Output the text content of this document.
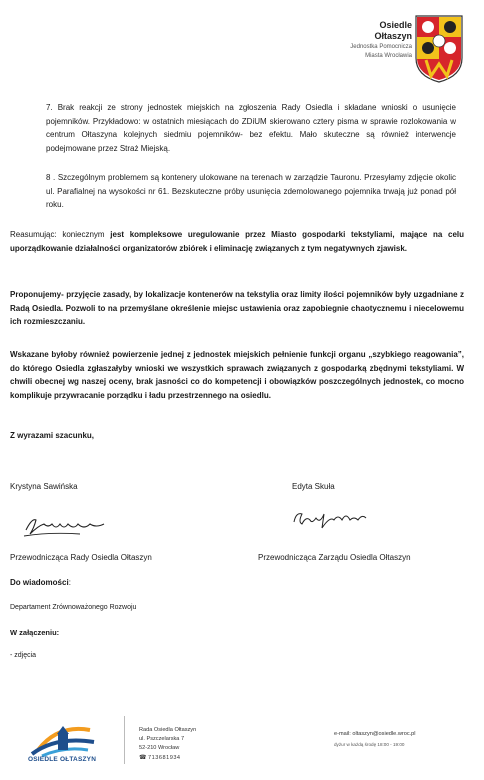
Osiedle
Ołtaszyn
Jednostka Pomocnicza
Miasta Wrocławia

7. Brak reakcji ze strony jednostek miejskich na zgłoszenia Rady Osiedla i składane wnioski o usunięcie pojemników. Przykładowo: w ostatnich miesiącach do ZDiUM skierowano cztery pisma w sprawie rozlokowania w centrum Ołtaszyna kolejnych siedmiu pojemników- bez efektu. Mało skuteczne są również interwencje podejmowane przez Straż Miejską.

8 . Szczególnym problemem są kontenery ulokowane na terenach w zarządzie Tauronu. Przesyłamy zdjęcie okolic ul. Parafialnej na wysokości nr 61. Bezskuteczne próby usunięcia zdemolowanego pojemnika trwają już ponad pół roku.

Reasumując: koniecznym jest kompleksowe uregulowanie przez Miasto gospodarki tekstyliami, mające na celu uporządkowanie działalności organizatorów zbiórek i eliminację związanych z tym negatywnych zjawisk.

Proponujemy- przyjęcie zasady, by lokalizacje kontenerów na tekstylia oraz limity ilości pojemników były uzgadniane z Radą Osiedla. Pozwoli to na przemyślane określenie miejsc ustawienia oraz zapobiegnie chaotycznemu i niecelowemu ich rozmieszczaniu.

Wskazane byłoby również powierzenie jednej z jednostek miejskich pełnienie funkcji organu „szybkiego reagowania”, do którego Osiedla zgłaszałyby wnioski we wszystkich sprawach związanych z gospodarką zbędnymi tekstyliami. W chwili obecnej wg naszej oceny, brak jasności co do kompetencji i obowiązków poszczególnych jednostek, co mocno komplikuje przywracanie porządku i ładu przestrzennego na osiedlu.

Z wyrazami szacunku,

Krystyna Sawińska	Edyta Skuła
Przewodnicząca Rady Osiedla Ołtaszyn	Przewodnicząca Zarządu Osiedla Ołtaszyn
Do wiadomości:
Departament Zrównoważonego Rozwoju
W załączeniu:
- zdjęcia
OSIEDLE OŁTASZYN
Rada Osiedla Ołtaszyn
ul. Pszczelarska 7
52-210 Wrocław
☎ 713681934
e-mail: oltaszyn@osiedle.wroc.pl
dyżur w każdą środę 18:00 - 19:00
